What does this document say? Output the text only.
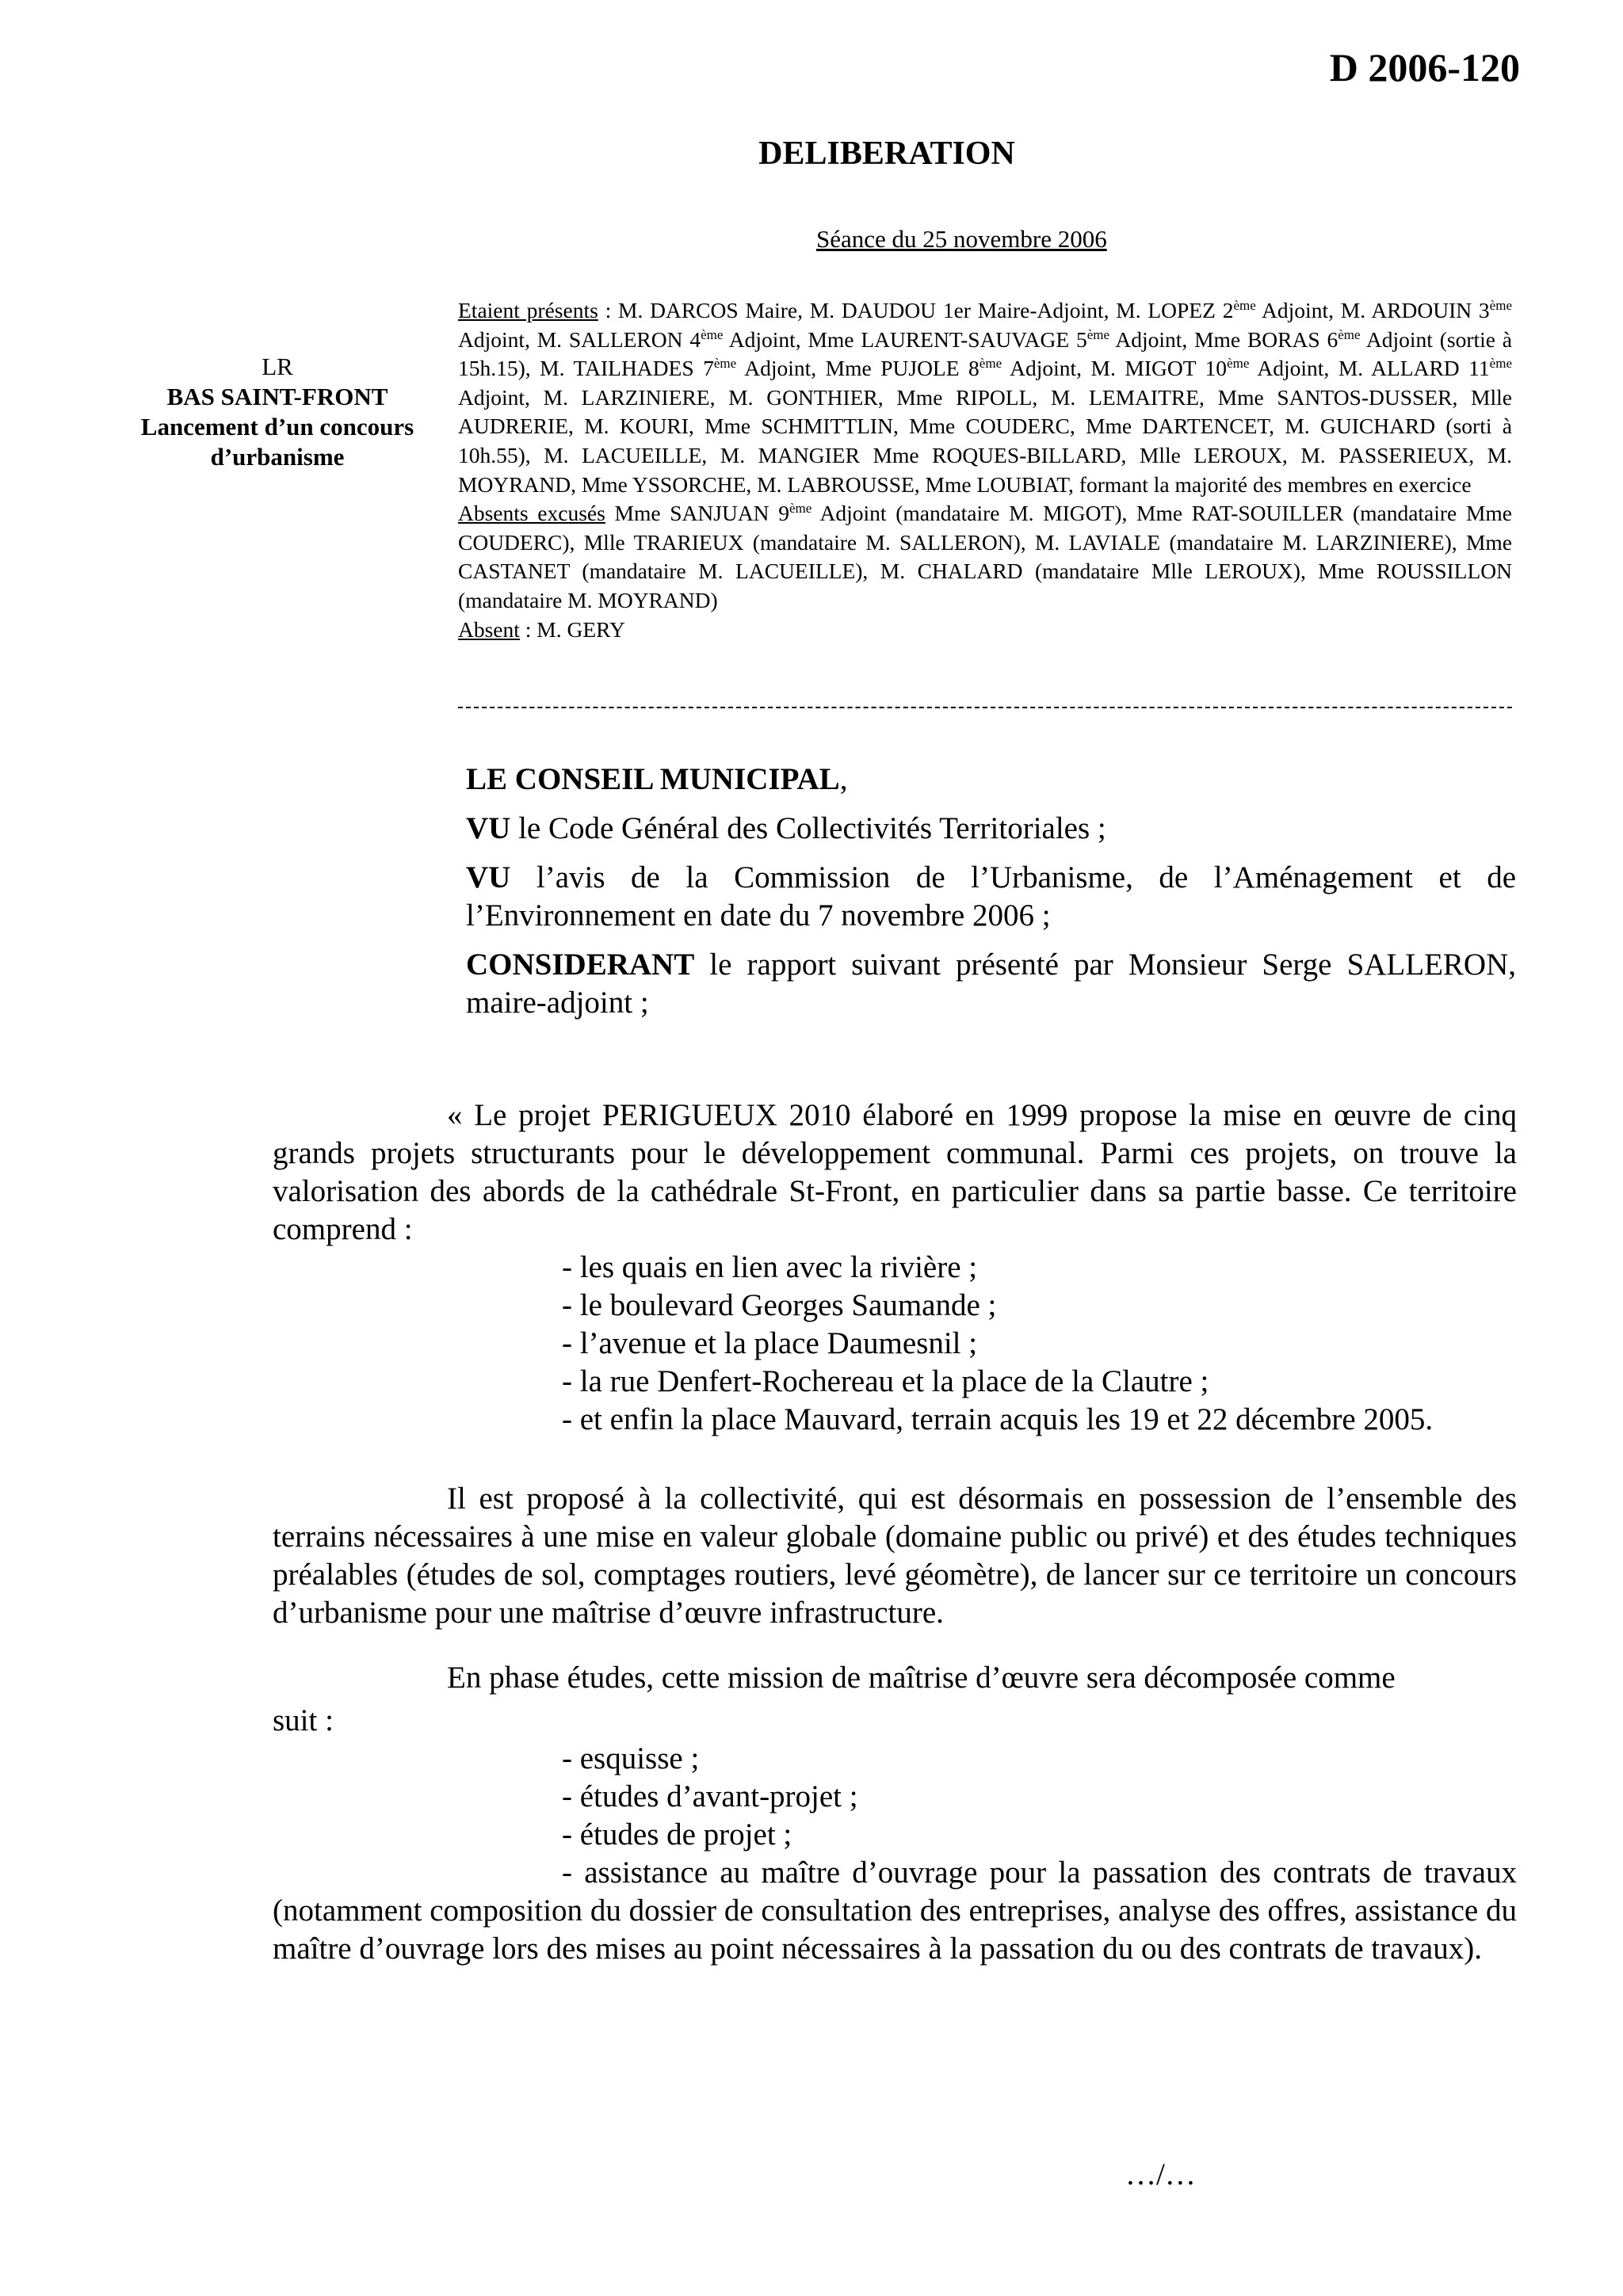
D 2006-120
DELIBERATION
Séance du 25 novembre 2006
LR
BAS SAINT-FRONT
Lancement d’un concours d’urbanisme
Etaient présents : M. DARCOS Maire, M. DAUDOU 1er Maire-Adjoint, M. LOPEZ 2ème Adjoint, M. ARDOUIN 3ème Adjoint, M. SALLERON 4ème Adjoint, Mme LAURENT-SAUVAGE 5ème Adjoint, Mme BORAS 6ème Adjoint (sortie à 15h.15), M. TAILHADES 7ème Adjoint, Mme PUJOLE 8ème Adjoint, M. MIGOT 10ème Adjoint, M. ALLARD 11ème Adjoint, M. LARZINIERE, M. GONTHIER, Mme RIPOLL, M. LEMAITRE, Mme SANTOS-DUSSER, Mlle AUDRERIE, M. KOURI, Mme SCHMITTLIN, Mme COUDERC, Mme DARTENCET, M. GUICHARD (sorti à 10h.55), M. LACUEILLE, M. MANGIER Mme ROQUES-BILLARD, Mlle LEROUX, M. PASSERIEUX, M. MOYRAND, Mme YSSORCHE, M. LABROUSSE, Mme LOUBIAT, formant la majorité des membres en exercice
Absents excusés Mme SANJUAN 9ème Adjoint (mandataire M. MIGOT), Mme RAT-SOUILLER (mandataire Mme COUDERC), Mlle TRARIEUX (mandataire M. SALLERON), M. LAVIALE (mandataire M. LARZINIERE), Mme CASTANET (mandataire M. LACUEILLE), M. CHALARD (mandataire Mlle LEROUX), Mme ROUSSILLON (mandataire M. MOYRAND)
Absent : M. GERY

LE CONSEIL MUNICIPAL,

VU le Code Général des Collectivités Territoriales ;

VU l’avis de la Commission de l’Urbanisme, de l’Aménagement et de l’Environnement en date du 7 novembre 2006 ;

CONSIDERANT le rapport suivant présenté par Monsieur Serge SALLERON, maire-adjoint ;

« Le projet PERIGUEUX 2010 élaboré en 1999 propose la mise en œuvre de cinq grands projets structurants pour le développement communal. Parmi ces projets, on trouve la valorisation des abords de la cathédrale St-Front, en particulier dans sa partie basse. Ce territoire comprend :

- les quais en lien avec la rivière ;
- le boulevard Georges Saumande ;
- l’avenue et la place Daumesnil ;
- la rue Denfert-Rochereau et la place de la Clautre ;
- et enfin la place Mauvard, terrain acquis les 19 et 22 décembre 2005.

Il est proposé à la collectivité, qui est désormais en possession de l’ensemble des terrains nécessaires à une mise en valeur globale (domaine public ou privé) et des études techniques préalables (études de sol, comptages routiers, levé géomètre), de lancer sur ce territoire un concours d’urbanisme pour une maîtrise d’œuvre infrastructure.

En phase études, cette mission de maîtrise d’œuvre sera décomposée comme

suit :

- esquisse ;
- études d’avant-projet ;
- études de projet ;

- assistance au maître d’ouvrage pour la passation des contrats de travaux (notamment composition du dossier de consultation des entreprises, analyse des offres, assistance du maître d’ouvrage lors des mises au point nécessaires à la passation du ou des contrats de travaux).

…/…
